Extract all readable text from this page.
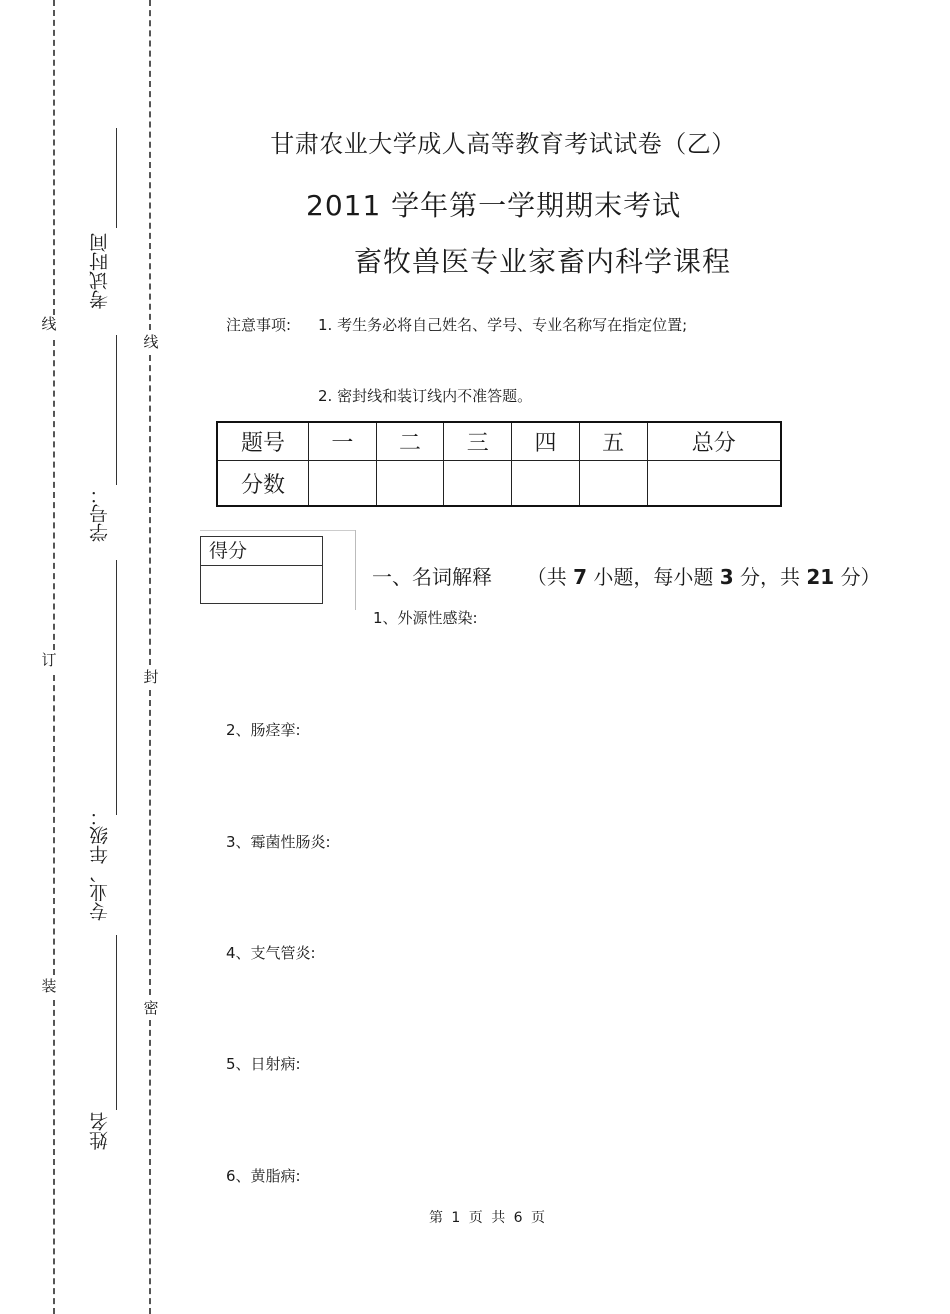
线
订
装
线
封
密
考试时间
学号：
专业、年级：
姓名
甘肃农业大学成人高等教育考试试卷（乙）
2011 学年第一学期期末考试
畜牧兽医专业家畜内科学课程
注意事项: 1. 考生务必将自己姓名、学号、专业名称写在指定位置;
2. 密封线和装订线内不准答题。
题号	一	二	三	四	五	总分
分数						
得分
一、名词解释 （共 7 小题，每小题 3 分，共 21 分）
1、外源性感染:
2、肠痉挛:
3、霉菌性肠炎:
4、支气管炎:
5、日射病:
6、黄脂病:
第 1 页 共 6 页
